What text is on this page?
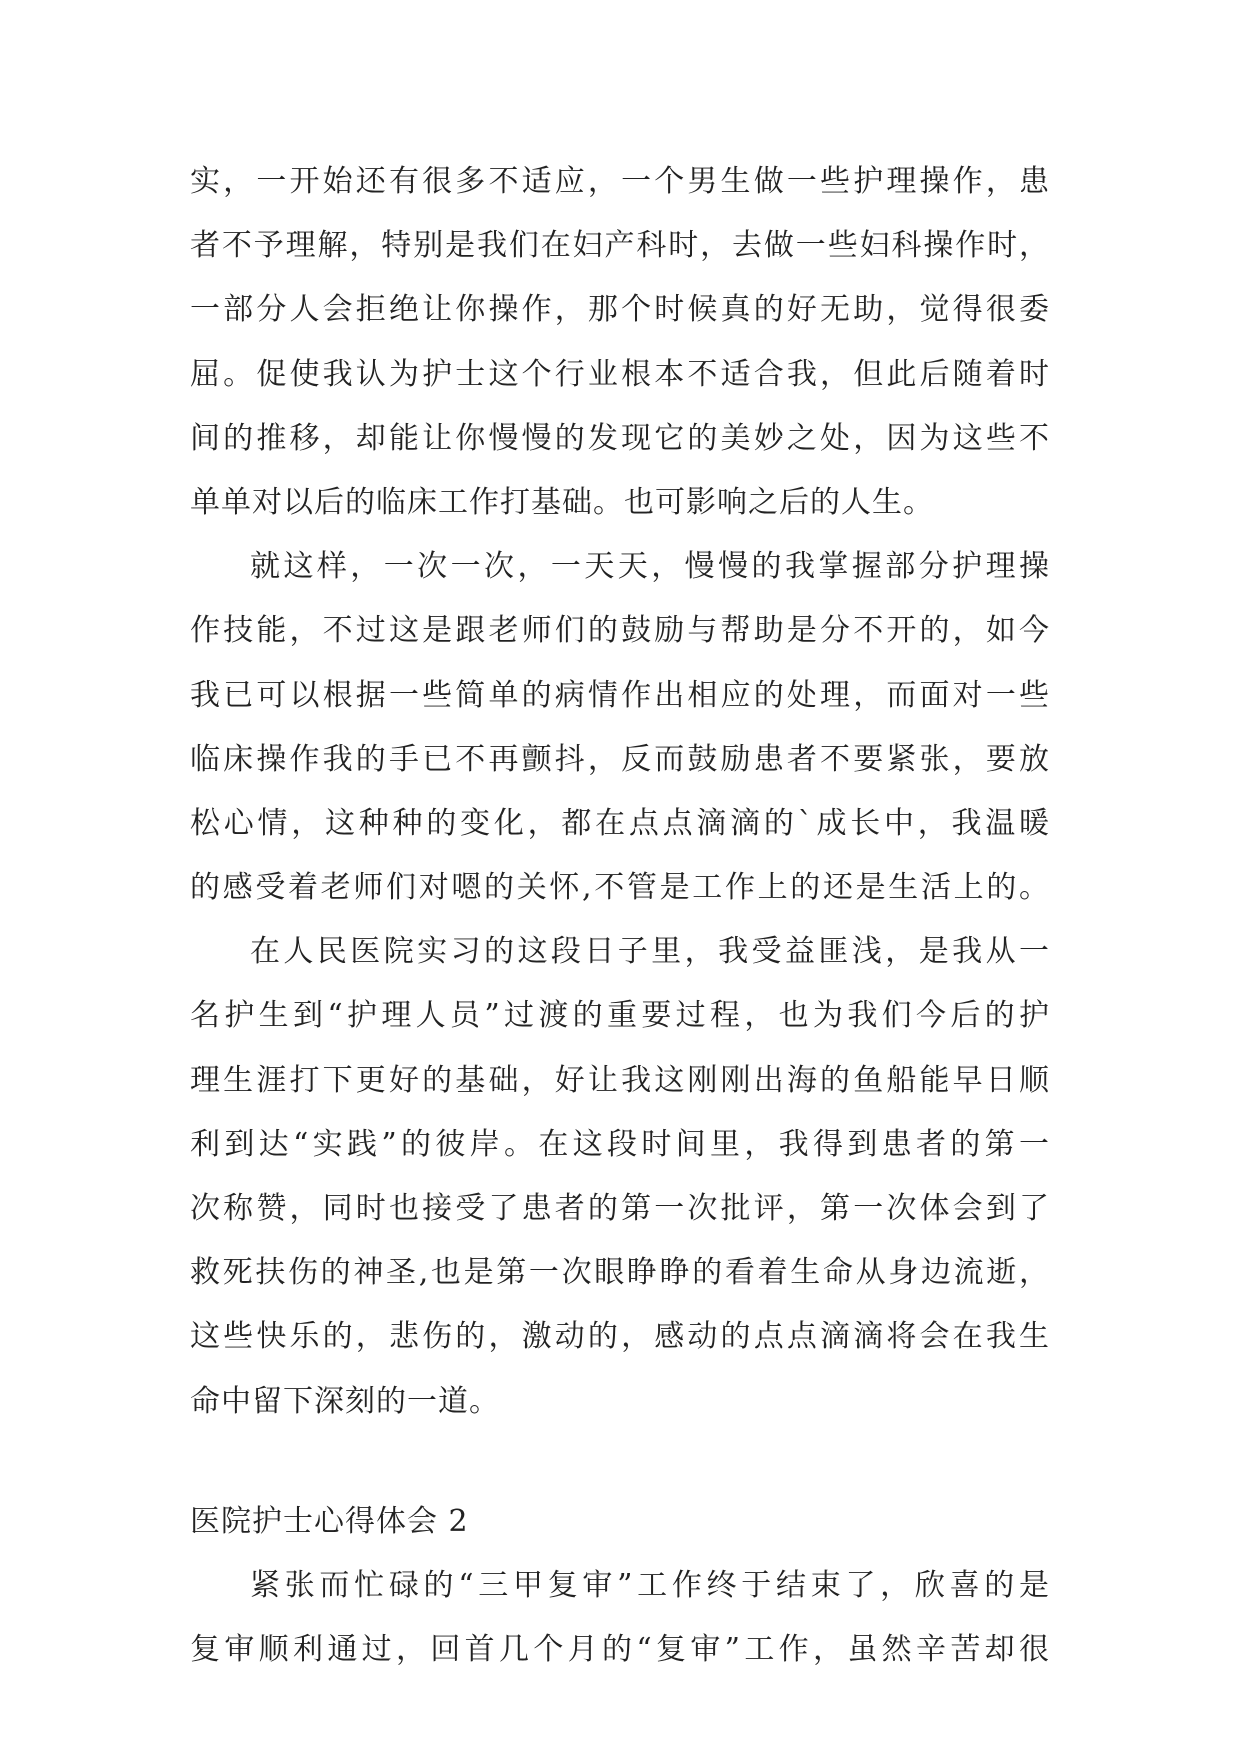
实，一开始还有很多不适应，一个男生做一些护理操作，患
者不予理解，特别是我们在妇产科时，去做一些妇科操作时，
一部分人会拒绝让你操作，那个时候真的好无助，觉得很委
屈。促使我认为护士这个行业根本不适合我，但此后随着时
间的推移，却能让你慢慢的发现它的美妙之处，因为这些不
单单对以后的临床工作打基础。也可影响之后的人生。
就这样，一次一次，一天天，慢慢的我掌握部分护理操
作技能，不过这是跟老师们的鼓励与帮助是分不开的，如今
我已可以根据一些简单的病情作出相应的处理，而面对一些
临床操作我的手已不再颤抖，反而鼓励患者不要紧张，要放
松心情，这种种的变化，都在点点滴滴的`成长中，我温暖
的感受着老师们对嗯的关怀,不管是工作上的还是生活上的。
在人民医院实习的这段日子里，我受益匪浅，是我从一
名护生到“护理人员”过渡的重要过程，也为我们今后的护
理生涯打下更好的基础，好让我这刚刚出海的鱼船能早日顺
利到达“实践”的彼岸。在这段时间里，我得到患者的第一
次称赞，同时也接受了患者的第一次批评，第一次体会到了
救死扶伤的神圣,也是第一次眼睁睁的看着生命从身边流逝，
这些快乐的，悲伤的，激动的，感动的点点滴滴将会在我生
命中留下深刻的一道。
医院护士心得体会 2
紧张而忙碌的“三甲复审”工作终于结束了，欣喜的是
复审顺利通过，回首几个月的“复审”工作，虽然辛苦却很
